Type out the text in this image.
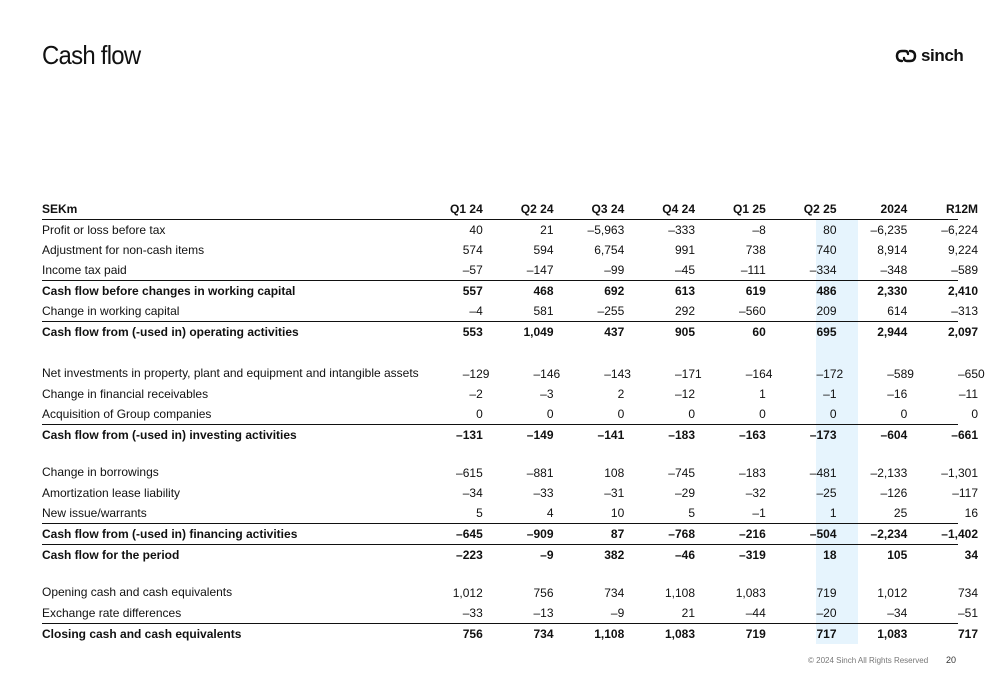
Cash flow	sinch
SEKm	Q1 24	Q2 24	Q3 24	Q4 24	Q1 25	Q2 25	2024	R12M
Profit or loss before tax	40	21	–5,963	–333	–8	80	–6,235	–6,224
Adjustment for non-cash items	574	594	6,754	991	738	740	8,914	9,224
Income tax paid	–57	–147	–99	–45	–111	–334	–348	–589
Cash flow before changes in working capital	557	468	692	613	619	486	2,330	2,410
Change in working capital	–4	581	–255	292	–560	209	614	–313
Cash flow from (-used in) operating activities	553	1,049	437	905	60	695	2,944	2,097
Net investments in property, plant and equipment and intangible assets	–129	–146	–143	–171	–164	–172	–589	–650
Change in financial receivables	–2	–3	2	–12	1	–1	–16	–11
Acquisition of Group companies	0	0	0	0	0	0	0	0
Cash flow from (-used in) investing activities	–131	–149	–141	–183	–163	–173	–604	–661
Change in borrowings	–615	–881	108	–745	–183	–481	–2,133	–1,301
Amortization lease liability	–34	–33	–31	–29	–32	–25	–126	–117
New issue/warrants	5	4	10	5	–1	1	25	16
Cash flow from (-used in) financing activities	–645	–909	87	–768	–216	–504	–2,234	–1,402
Cash flow for the period	–223	–9	382	–46	–319	18	105	34
Opening cash and cash equivalents	1,012	756	734	1,108	1,083	719	1,012	734
Exchange rate differences	–33	–13	–9	21	–44	–20	–34	–51
Closing cash and cash equivalents	756	734	1,108	1,083	719	717	1,083	717
© 2024 Sinch All Rights Reserved 20
